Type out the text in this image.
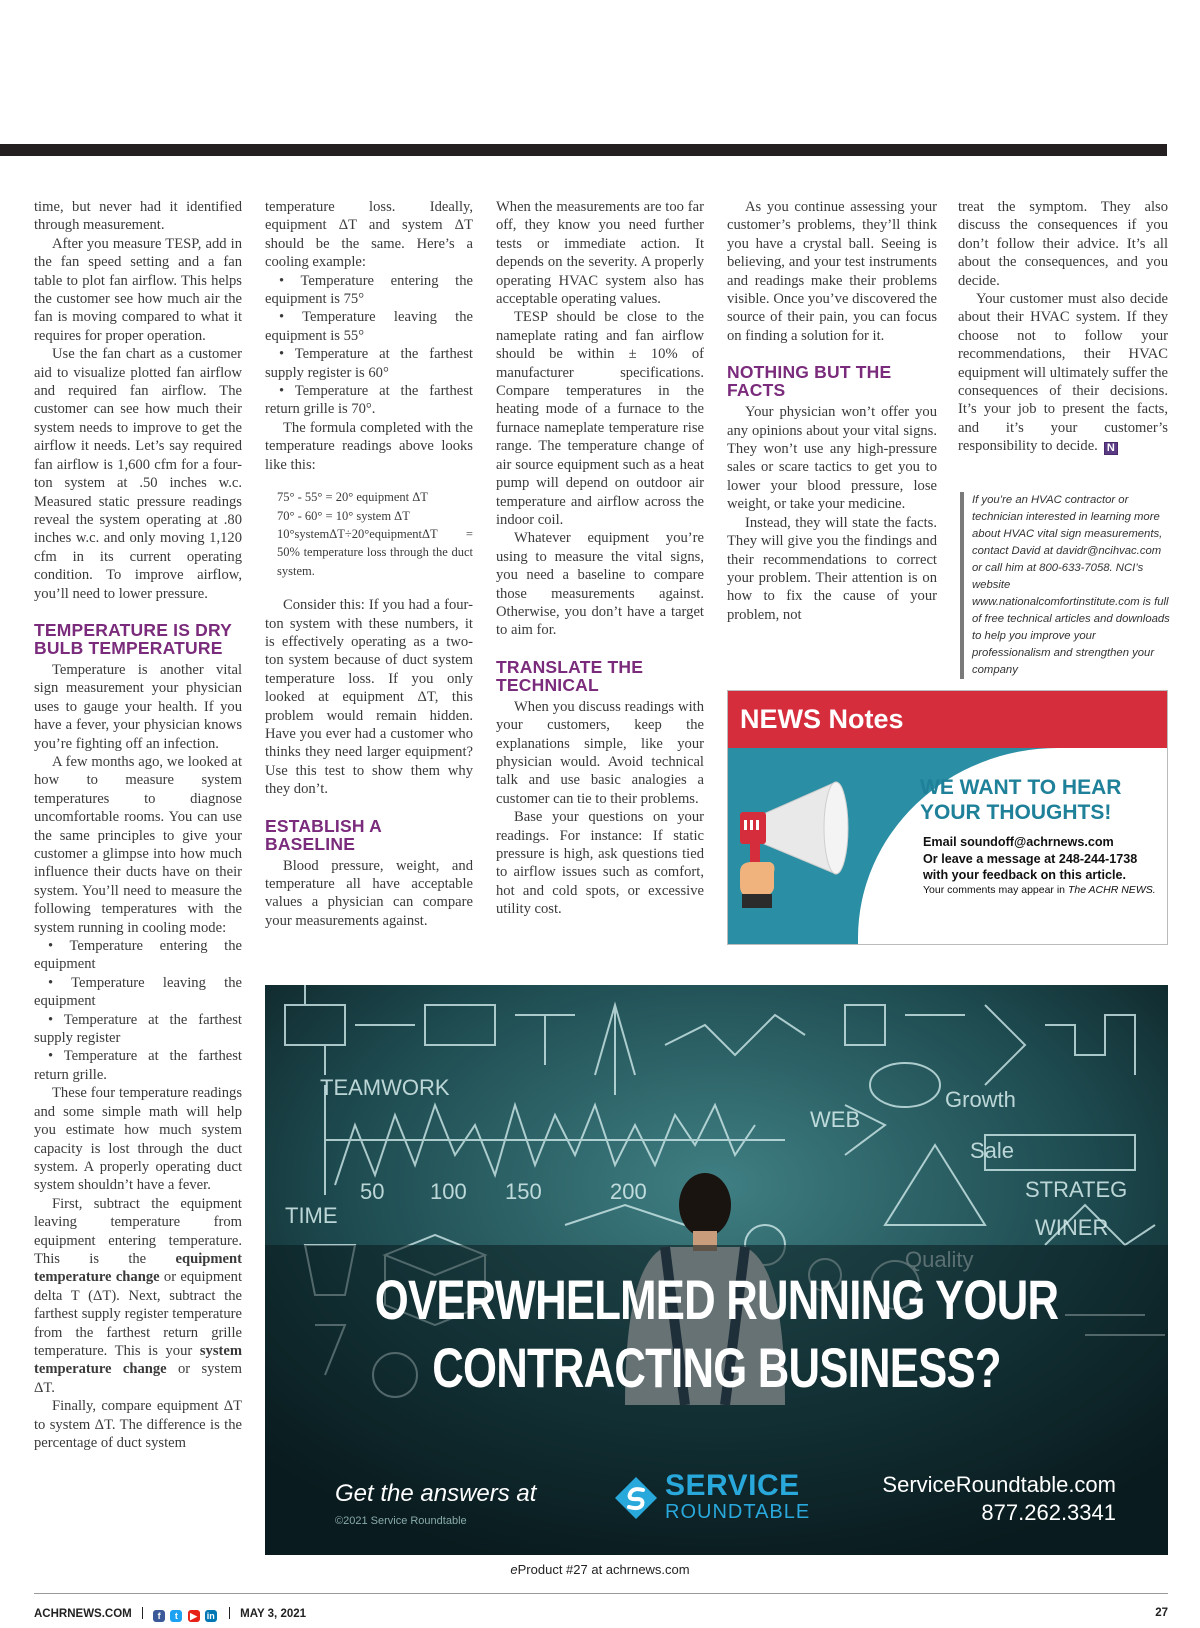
time, but never had it identified through measurement.

After you measure TESP, add in the fan speed setting and a fan table to plot fan airflow. This helps the customer see how much air the fan is moving compared to what it requires for proper operation.

Use the fan chart as a customer aid to visualize plotted fan airflow and required fan airflow. The customer can see how much their system needs to improve to get the airflow it needs. Let’s say required fan airflow is 1,600 cfm for a four-ton system at .50 inches w.c. Measured static pressure readings reveal the system operating at .80 inches w.c. and only moving 1,120 cfm in its current operating condition. To improve airflow, you’ll need to lower pressure.

TEMPERATURE IS DRY BULB TEMPERATURE

Temperature is another vital sign measurement your physician uses to gauge your health. If you have a fever, your physician knows you’re fighting off an infection.

A few months ago, we looked at how to measure system temperatures to diagnose uncomfortable rooms. You can use the same principles to give your customer a glimpse into how much influence their ducts have on their system. You’ll need to measure the following temperatures with the system running in cooling mode:

• Temperature entering the equipment

• Temperature leaving the equipment

• Temperature at the farthest supply register

• Temperature at the farthest return grille.

These four temperature readings and some simple math will help you estimate how much system capacity is lost through the duct system. A properly operating duct system shouldn’t have a fever.

First, subtract the equipment leaving temperature from equipment entering temperature. This is the equipment temperature change or equipment delta T (ΔT). Next, subtract the farthest supply register temperature from the farthest return grille temperature. This is your system temperature change or system ΔT.

Finally, compare equipment ΔT to system ΔT. The difference is the percentage of duct system

temperature loss. Ideally, equipment ΔT and system ΔT should be the same. Here’s a cooling example:

• Temperature entering the equipment is 75°

• Temperature leaving the equipment is 55°

• Temperature at the farthest supply register is 60°

• Temperature at the farthest return grille is 70°.

The formula completed with the temperature readings above looks like this:

75° - 55° = 20° equipment ΔT
70° - 60° = 10° system ΔT
10°systemΔT÷20°equipmentΔT = 50% temperature loss through the duct system.

Consider this: If you had a four-ton system with these numbers, it is effectively operating as a two-ton system because of duct system temperature loss. If you only looked at equipment ΔT, this problem would remain hidden. Have you ever had a customer who thinks they need larger equipment? Use this test to show them why they don’t.

ESTABLISH A BASELINE

Blood pressure, weight, and temperature all have acceptable values a physician can compare your measurements against.

When the measurements are too far off, they know you need further tests or immediate action. It depends on the severity. A properly operating HVAC system also has acceptable operating values.

TESP should be close to the nameplate rating and fan airflow should be within ± 10% of manufacturer specifications. Compare temperatures in the heating mode of a furnace to the furnace nameplate temperature rise range. The temperature change of air source equipment such as a heat pump will depend on outdoor air temperature and airflow across the indoor coil.

Whatever equipment you’re using to measure the vital signs, you need a baseline to compare those measurements against. Otherwise, you don’t have a target to aim for.

TRANSLATE THE TECHNICAL

When you discuss readings with your customers, keep the explanations simple, like your physician would. Avoid technical talk and use basic analogies a customer can tie to their problems.

Base your questions on your readings. For instance: If static pressure is high, ask questions tied to airflow issues such as comfort, hot and cold spots, or excessive utility cost.

As you continue assessing your customer’s problems, they’ll think you have a crystal ball. Seeing is believing, and your test instruments and readings make their problems visible. Once you’ve discovered the source of their pain, you can focus on finding a solution for it.

NOTHING BUT THE FACTS

Your physician won’t offer you any opinions about your vital signs. They won’t use any high-pressure sales or scare tactics to get you to lower your blood pressure, lose weight, or take your medicine.

Instead, they will state the facts. They will give you the findings and their recommendations to correct your problem. Their attention is on how to fix the cause of your problem, not

treat the symptom. They also discuss the consequences if you don’t follow their advice. It’s all about the consequences, and you decide.

Your customer must also decide about their HVAC system. If they choose not to follow your recommendations, their HVAC equipment will ultimately suffer the consequences of their decisions. It’s your job to present the facts, and it’s your customer’s responsibility to decide. N

If you’re an HVAC contractor or technician interested in learning more about HVAC vital sign measurements, contact David at davidr@ncihvac.com or call him at 800-633-7058. NCI’s website www.nationalcomfortinstitute.com is full of free technical articles and downloads to help you improve your professionalism and strengthen your company
NEWS Notes
WE WANT TO HEAR YOUR THOUGHTS!
Email soundoff@achrnews.com
Or leave a message at 248-244-1738
with your feedback on this article.
Your comments may appear in The ACHR NEWS.
TEAMWORK
WEB
Growth
Sale
STRATEG
WINER
TIME
50 100 150	200
OVERWHELMED RUNNING YOUR
CONTRACTING BUSINESS?
Get the answers at
©2021 Service Roundtable
SERVICE
ROUNDTABLE
ServiceRoundtable.com
877.262.3341
eProduct #27 at achrnews.com
ACHRNEWS.COM	f t ▶ in MAY 3, 2021	27
